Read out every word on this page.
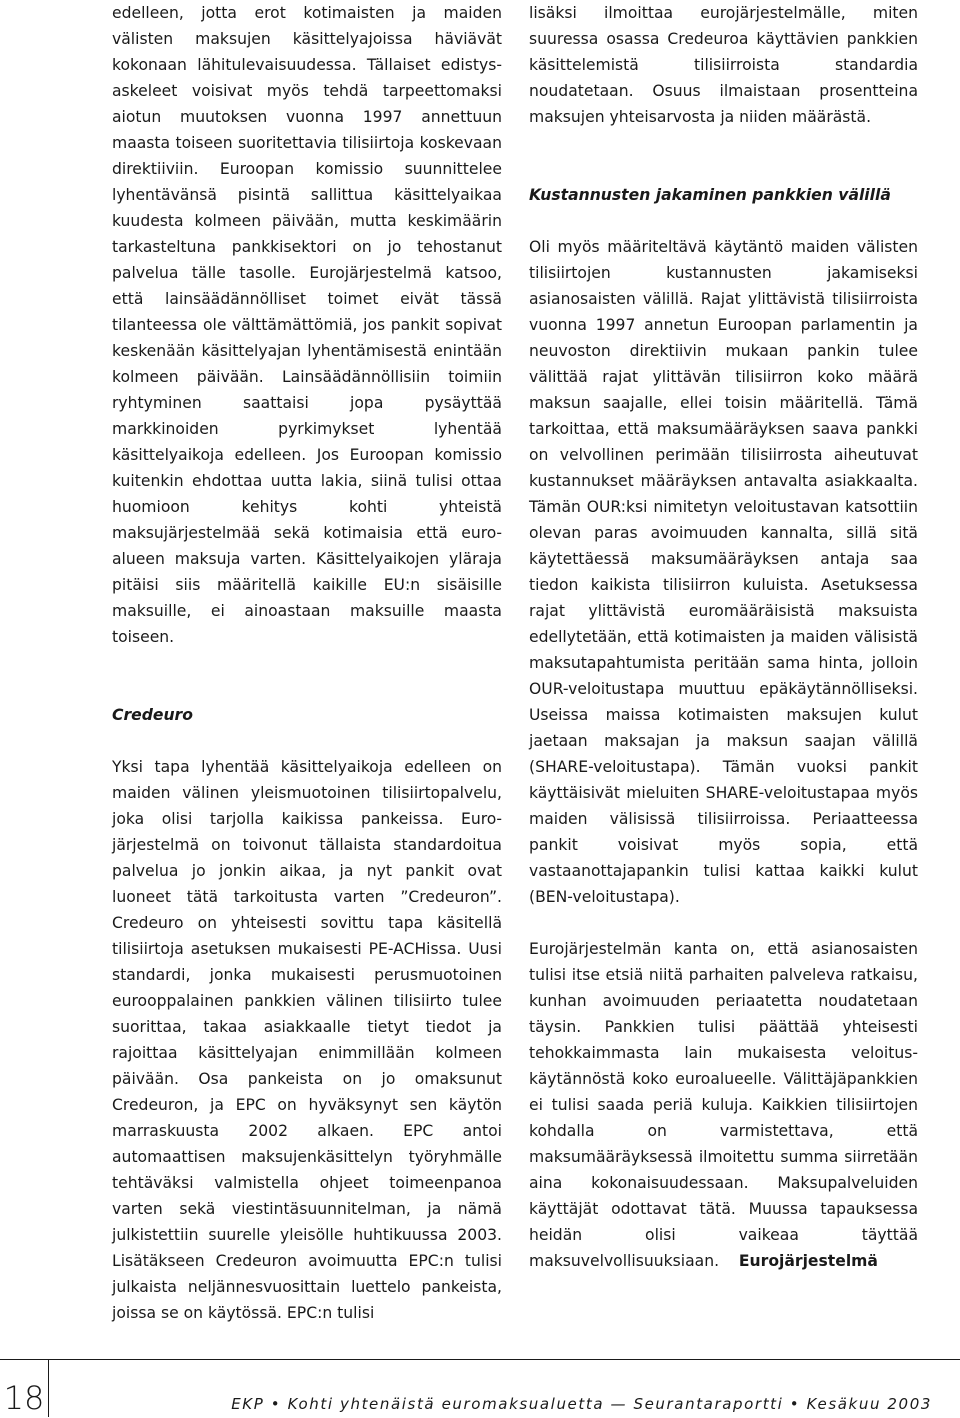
edelleen, jotta erot kotimaisten ja maiden välisten maksujen käsittelyajoissa häviävät kokonaan lähitulevaisuudessa. Tällaiset edistysaskeleet voisivat myös tehdä tarpeettomaksi aiotun muutoksen vuonna 1997 annettuun maasta toiseen suoritettavia tilisiirtoja koskevaan direktiiviin. Euroopan komissio suunnittelee lyhentävänsä pisintä sallittua käsittelyaikaa kuudesta kolmeen päivään, mutta keskimäärin tarkasteltuna pankkisektori on jo tehostanut palvelua tälle tasolle. Eurojärjestelmä katsoo, että lainsäädännölliset toimet eivät tässä tilanteessa ole välttämättömiä, jos pankit sopivat keskenään käsittelyajan lyhentämisestä enintään kolmeen päivään. Lainsäädännöllisiin toimiin ryhtyminen saattaisi jopa pysäyttää markkinoiden pyrkimykset lyhentää käsittelyaikoja edelleen. Jos Euroopan komissio kuitenkin ehdottaa uutta lakia, siinä tulisi ottaa huomioon kehitys kohti yhteistä maksujärjestelmää sekä kotimaisia että euroalueen maksuja varten. Käsittelyaikojen yläraja pitäisi siis määritellä kaikille EU:n sisäisille maksuille, ei ainoastaan maksuille maasta toiseen.

Credeuro

Yksi tapa lyhentää käsittelyaikoja edelleen on maiden välinen yleismuotoinen tilisiirtopalvelu, joka olisi tarjolla kaikissa pankeissa. Eurojärjestelmä on toivonut tällaista standardoitua palvelua jo jonkin aikaa, ja nyt pankit ovat luoneet tätä tarkoitusta varten ”Credeuron”. Credeuro on yhteisesti sovittu tapa käsitellä tilisiirtoja asetuksen mukaisesti PE-ACHissa. Uusi standardi, jonka mukaisesti perusmuotoinen eurooppalainen pankkien välinen tilisiirto tulee suorittaa, takaa asiakkaalle tietyt tiedot ja rajoittaa käsittelyajan enimmillään kolmeen päivään. Osa pankeista on jo omaksunut Credeuron, ja EPC on hyväksynyt sen käytön marraskuusta 2002 alkaen. EPC antoi automaattisen maksujenkäsittelyn työryhmälle tehtäväksi valmistella ohjeet toimeenpanoa varten sekä viestintäsuunnitelman, ja nämä julkistettiin suurelle yleisölle huhtikuussa 2003. Lisätäkseen Credeuron avoimuutta EPC:n tulisi julkaista neljännesvuosittain luettelo pankeista, joissa se on käytössä. EPC:n tulisi

lisäksi ilmoittaa eurojärjestelmälle, miten suuressa osassa Credeuroa käyttävien pankkien käsittelemistä tilisiirroista standardia noudatetaan. Osuus ilmaistaan prosentteina maksujen yhteisarvosta ja niiden määrästä.

Kustannusten jakaminen pankkien välillä

Oli myös määriteltävä käytäntö maiden välisten tilisiirtojen kustannusten jakamiseksi asianosaisten välillä. Rajat ylittävistä tilisiirroista vuonna 1997 annetun Euroopan parlamentin ja neuvoston direktiivin mukaan pankin tulee välittää rajat ylittävän tilisiirron koko määrä maksun saajalle, ellei toisin määritellä. Tämä tarkoittaa, että maksumääräyksen saava pankki on velvollinen perimään tilisiirrosta aiheutuvat kustannukset määräyksen antavalta asiakkaalta. Tämän OUR:ksi nimitetyn veloitustavan katsottiin olevan paras avoimuuden kannalta, sillä sitä käytettäessä maksumääräyksen antaja saa tiedon kaikista tilisiirron kuluista. Asetuksessa rajat ylittävistä euromääräisistä maksuista edellytetään, että kotimaisten ja maiden välisistä maksutapahtumista peritään sama hinta, jolloin OUR-veloitustapa muuttuu epäkäytännölliseksi. Useissa maissa kotimaisten maksujen kulut jaetaan maksajan ja maksun saajan välillä (SHARE-veloitustapa). Tämän vuoksi pankit käyttäisivät mieluiten SHARE-veloitustapaa myös maiden välisissä tilisiirroissa. Periaatteessa pankit voisivat myös sopia, että vastaanottajapankin tulisi kattaa kaikki kulut (BEN-veloitustapa).

Eurojärjestelmän kanta on, että asianosaisten tulisi itse etsiä niitä parhaiten palveleva ratkaisu, kunhan avoimuuden periaatetta noudatetaan täysin. Pankkien tulisi päättää yhteisesti tehokkaimmasta lain mukaisesta veloituskäytännöstä koko euroalueelle. Välittäjäpankkien ei tulisi saada periä kuluja. Kaikkien tilisiirtojen kohdalla on varmistettava, että maksumääräyksessä ilmoitettu summa siirretään aina kokonaisuudessaan. Maksupalveluiden käyttäjät odottavat tätä. Muussa tapauksessa heidän olisi vaikeaa täyttää maksuvelvollisuuksiaan. Eurojärjestelmä

18	EKP • Kohti yhtenäistä euromaksualuetta — Seurantaraportti • Kesäkuu 2003
